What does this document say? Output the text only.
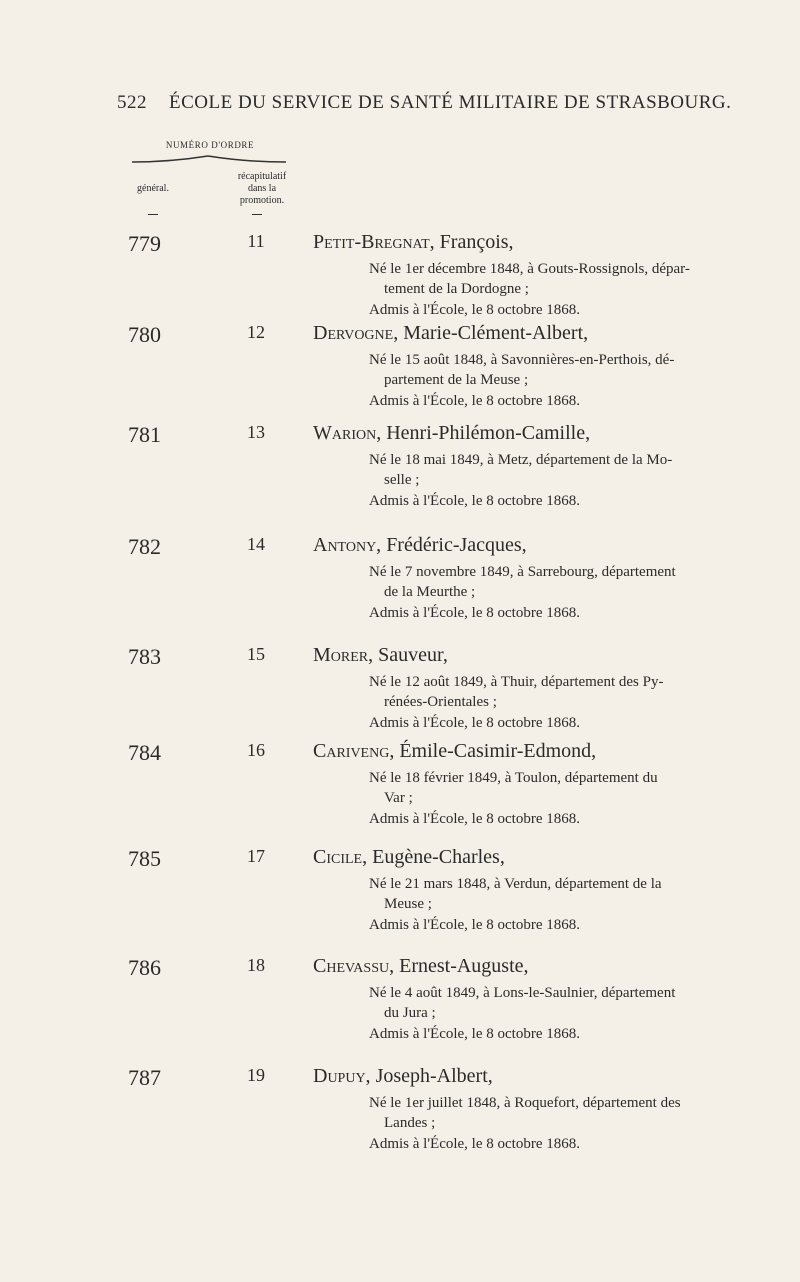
522 ÉCOLE DU SERVICE DE SANTÉ MILITAIRE DE STRASBOURG.
NUMÉRO D'ORDRE
général.
récapitulatif
dans la
promotion.
779	11	Petit-Bregnat, François,
Né le 1er décembre 1848, à Gouts-Rossignols, dépar-
tement de la Dordogne ;
Admis à l'École, le 8 octobre 1868.
780	12	Dervogne, Marie-Clément-Albert,
Né le 15 août 1848, à Savonnières-en-Perthois, dé-
partement de la Meuse ;
Admis à l'École, le 8 octobre 1868.
781	13	Warion, Henri-Philémon-Camille,
Né le 18 mai 1849, à Metz, département de la Mo-
selle ;
Admis à l'École, le 8 octobre 1868.
782	14	Antony, Frédéric-Jacques,
Né le 7 novembre 1849, à Sarrebourg, département
de la Meurthe ;
Admis à l'École, le 8 octobre 1868.
783	15	Morer, Sauveur,
Né le 12 août 1849, à Thuir, département des Py-
rénées-Orientales ;
Admis à l'École, le 8 octobre 1868.
784	16	Cariveng, Émile-Casimir-Edmond,
Né le 18 février 1849, à Toulon, département du
Var ;
Admis à l'École, le 8 octobre 1868.
785	17	Cicile, Eugène-Charles,
Né le 21 mars 1848, à Verdun, département de la
Meuse ;
Admis à l'École, le 8 octobre 1868.
786	18	Chevassu, Ernest-Auguste,
Né le 4 août 1849, à Lons-le-Saulnier, département
du Jura ;
Admis à l'École, le 8 octobre 1868.
787	19	Dupuy, Joseph-Albert,
Né le 1er juillet 1848, à Roquefort, département des
Landes ;
Admis à l'École, le 8 octobre 1868.
